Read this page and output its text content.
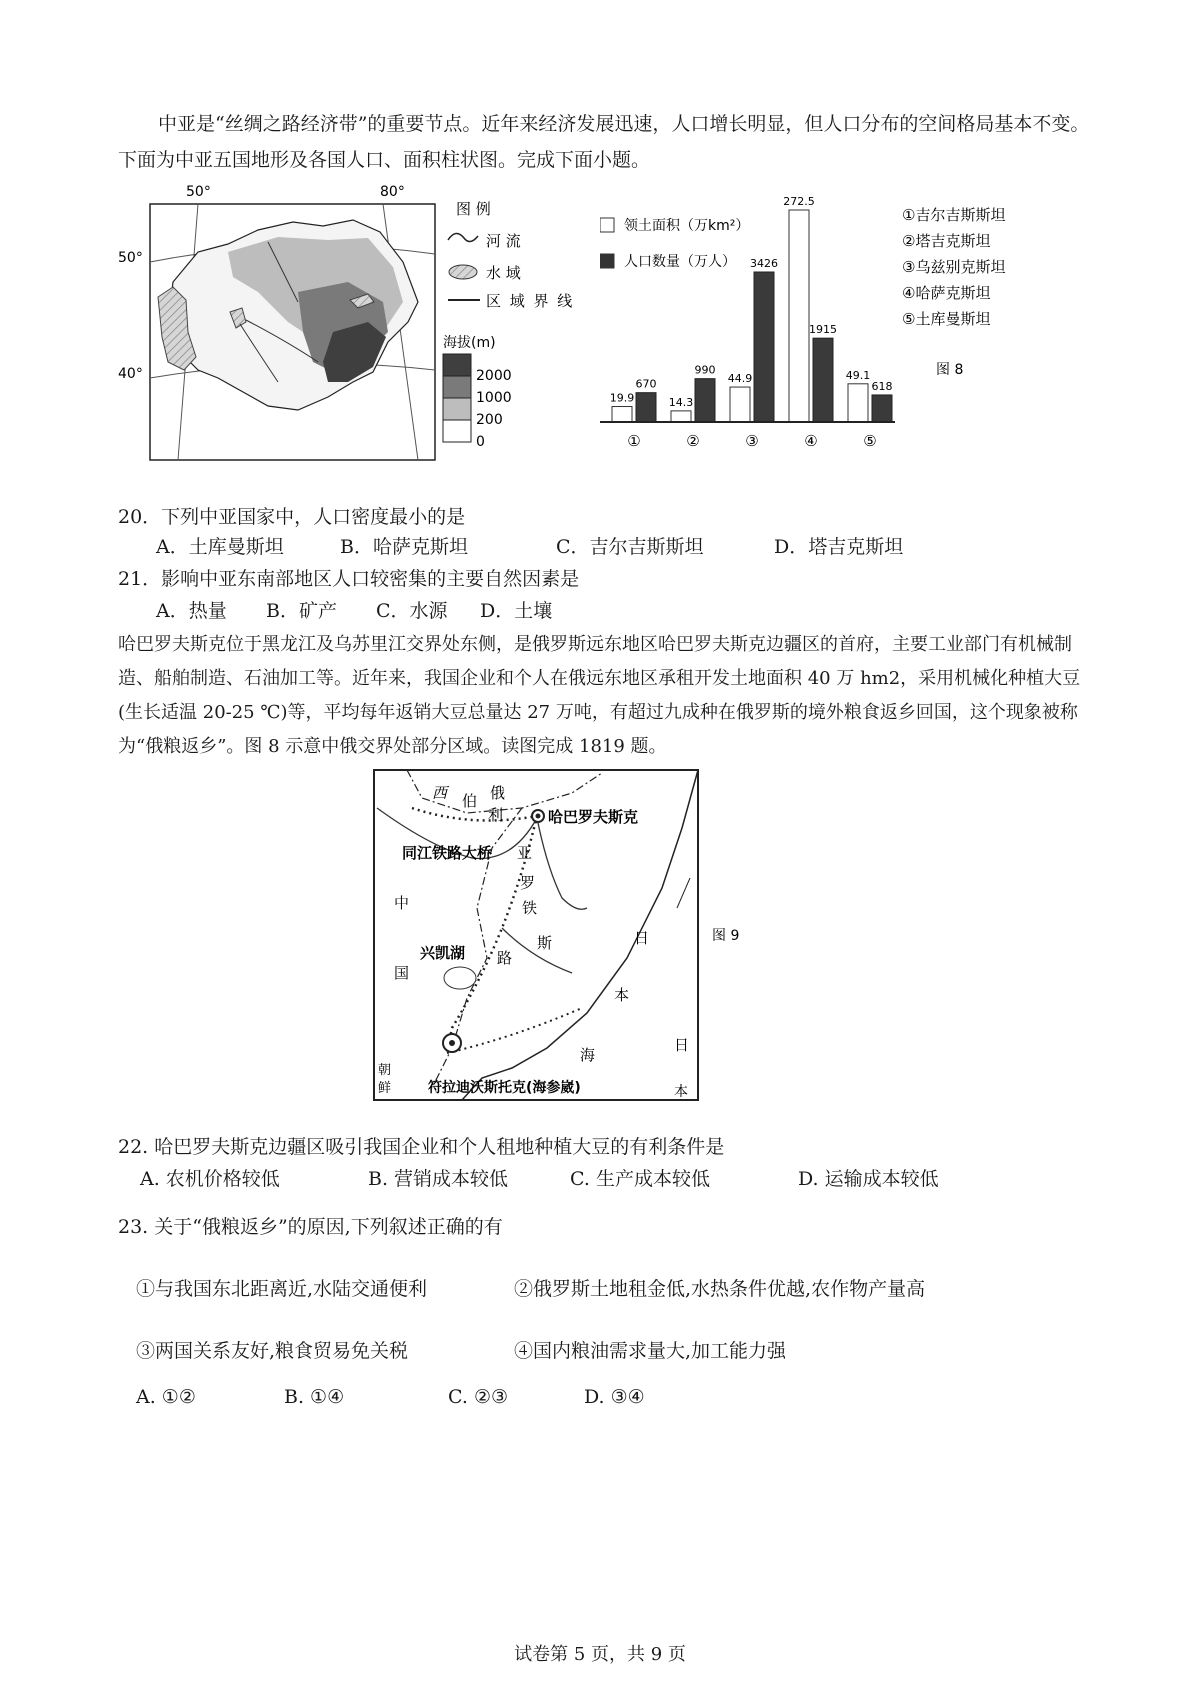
中亚是“丝绸之路经济带”的重要节点。近年来经济发展迅速，人口增长明显，但人口分布的空间格局基本不变。下面为中亚五国地形及各国人口、面积柱状图。完成下面小题。
50°	80°
50°
40°
图 例
河 流
水 域
区 域 界 线
海拔(m)
2000
1000
200
0
领土面积（万km²）
人口数量（万人）
①吉尔吉斯斯坦
②塔吉克斯坦
③乌兹别克斯坦
④哈萨克斯坦
⑤土库曼斯坦
图 8
19.9
670
①
14.3
990
②
44.9
3426
③
272.5
1915
④
49.1
618
⑤
20．下列中亚国家中，人口密度最小的是
A．土库曼斯坦	B．哈萨克斯坦	C．吉尔吉斯斯坦	D．塔吉克斯坦
21．影响中亚东南部地区人口较密集的主要自然因素是
A．热量 B．矿产 C．水源 D．土壤
哈巴罗夫斯克位于黑龙江及乌苏里江交界处东侧，是俄罗斯远东地区哈巴罗夫斯克边疆区的首府，主要工业部门有机械制造、船舶制造、石油加工等。近年来，我国企业和个人在俄远东地区承租开发土地面积 40 万 hm2，采用机械化种植大豆(生长适温 20-25 ℃)等，平均每年返销大豆总量达 27 万吨，有超过九成种在俄罗斯的境外粮食返乡回国，这个现象被称为“俄粮返乡”。图 8 示意中俄交界处部分区域。读图完成 1819 题。
西 伯 俄
利	哈巴罗夫斯克
同江铁路大桥 亚
中
国
罗
铁
斯
路
兴凯湖
日
本
海
日
本
朝
鲜	符拉迪沃斯托克(海参崴)
图 9
22. 哈巴罗夫斯克边疆区吸引我国企业和个人租地种植大豆的有利条件是
A. 农机价格较低	B. 营销成本较低	C. 生产成本较低	D. 运输成本较低
23. 关于“俄粮返乡”的原因,下列叙述正确的有
①与我国东北距离近,水陆交通便利	②俄罗斯土地租金低,水热条件优越,农作物产量高
③两国关系友好,粮食贸易免关税	④国内粮油需求量大,加工能力强
A. ①②	B. ①④	C. ②③	D. ③④
试卷第 5 页，共 9 页
